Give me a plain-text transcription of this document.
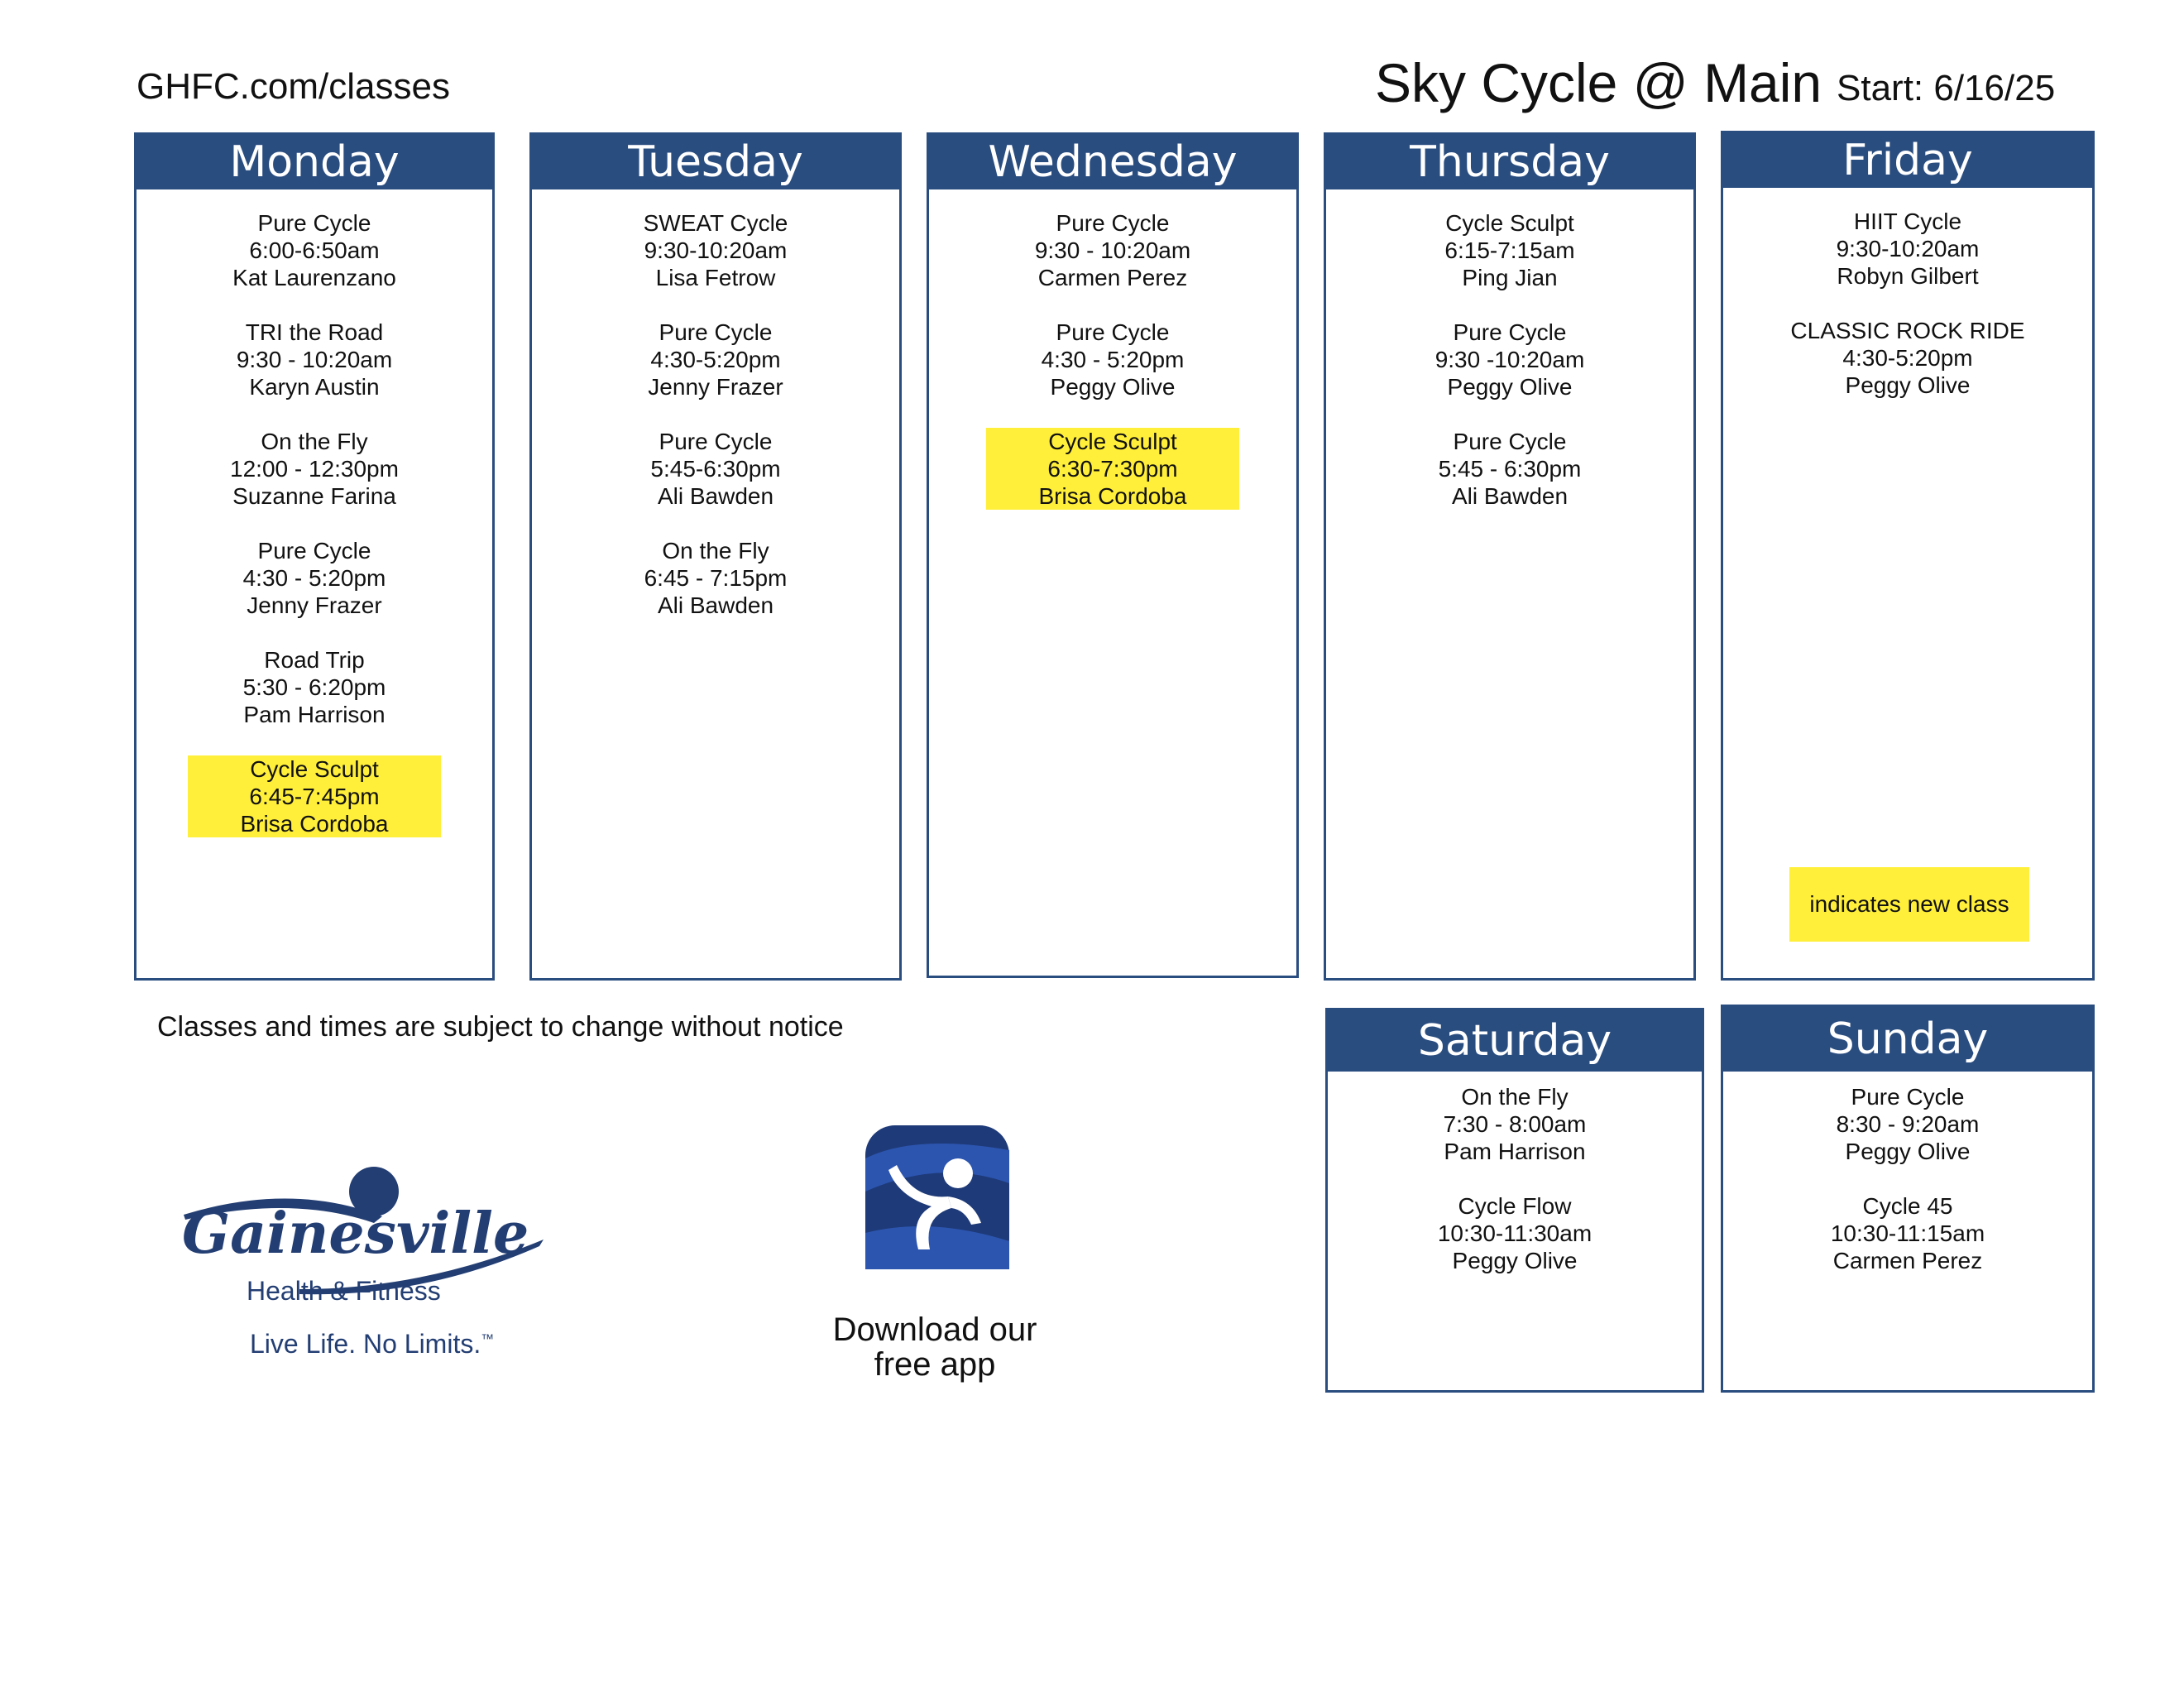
GHFC.com/classes	Sky Cycle @ Main Start: 6/16/25
Monday
Pure Cycle
6:00-6:50am
Kat Laurenzano
TRI the Road
9:30 - 10:20am
Karyn Austin
On the Fly
12:00 - 12:30pm
Suzanne Farina
Pure Cycle
4:30 - 5:20pm
Jenny Frazer
Road Trip
5:30 - 6:20pm
Pam Harrison
Cycle Sculpt
6:45-7:45pm
Brisa Cordoba
Tuesday
SWEAT Cycle
9:30-10:20am
Lisa Fetrow
Pure Cycle
4:30-5:20pm
Jenny Frazer
Pure Cycle
5:45-6:30pm
Ali Bawden
On the Fly
6:45 - 7:15pm
Ali Bawden
Wednesday
Pure Cycle
9:30 - 10:20am
Carmen Perez
Pure Cycle
4:30 - 5:20pm
Peggy Olive
Cycle Sculpt
6:30-7:30pm
Brisa Cordoba
Thursday
Cycle Sculpt
6:15-7:15am
Ping Jian
Pure Cycle
9:30 -10:20am
Peggy Olive
Pure Cycle
5:45 - 6:30pm
Ali Bawden
Friday
HIIT Cycle
9:30-10:20am
Robyn Gilbert
CLASSIC ROCK RIDE
4:30-5:20pm
Peggy Olive
indicates new class
Saturday
On the Fly
7:30 - 8:00am
Pam Harrison
Cycle Flow
10:30-11:30am
Peggy Olive
Sunday
Pure Cycle
8:30 - 9:20am
Peggy Olive
Cycle 45
10:30-11:15am
Carmen Perez
Classes and times are subject to change without notice
Gainesville
Health & Fitness
Live Life. No Limits.™	Download our
free app
